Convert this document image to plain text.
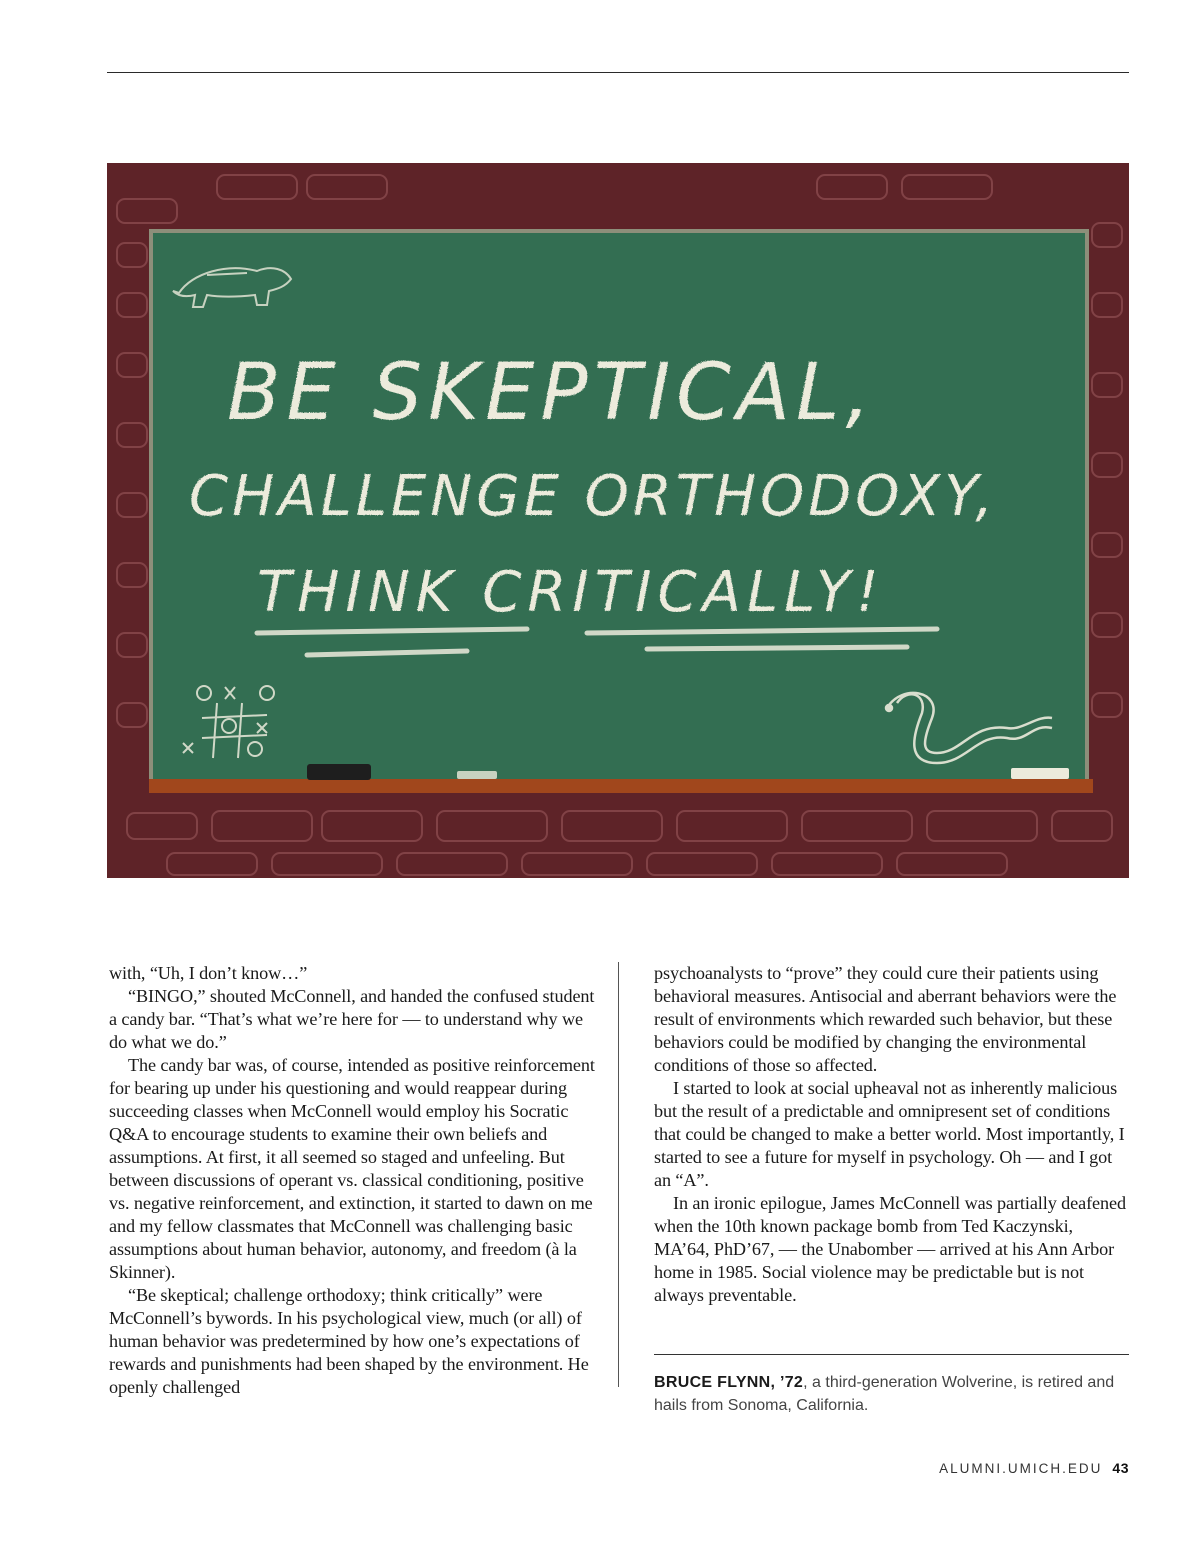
BE SKEPTICAL,
CHALLENGE ORTHODOXY,
THINK CRITICALLY!

with, “Uh, I don’t know…”

“BINGO,” shouted McConnell, and handed the confused student a candy bar. “That’s what we’re here for — to understand why we do what we do.”

The candy bar was, of course, intended as positive reinforcement for bearing up under his questioning and would reappear during succeeding classes when McConnell would employ his Socratic Q&A to encourage students to examine their own beliefs and assumptions. At first, it all seemed so staged and unfeeling. But between discussions of operant vs. classical conditioning, positive vs. negative reinforcement, and extinction, it started to dawn on me and my fellow classmates that McConnell was challenging basic assumptions about human behavior, autonomy, and freedom (à la Skinner).

“Be skeptical; challenge orthodoxy; think critically” were McConnell’s bywords. In his psychological view, much (or all) of human behavior was predetermined by how one’s expectations of rewards and punishments had been shaped by the environment. He openly challenged

psychoanalysts to “prove” they could cure their patients using behavioral measures. Antisocial and aberrant behaviors were the result of environments which rewarded such behavior, but these behaviors could be modified by changing the environmental conditions of those so affected.

I started to look at social upheaval not as inherently malicious but the result of a predictable and omnipresent set of conditions that could be changed to make a better world. Most importantly, I started to see a future for myself in psychology. Oh — and I got an “A”.

In an ironic epilogue, James McConnell was partially deafened when the 10th known package bomb from Ted Kaczynski, MA’64, PhD’67, — the Unabomber — arrived at his Ann Arbor home in 1985. Social violence may be predictable but is not always preventable.

BRUCE FLYNN, ’72, a third-generation Wolverine, is retired and hails from Sonoma, California.
ALUMNI.UMICH.EDU 43
